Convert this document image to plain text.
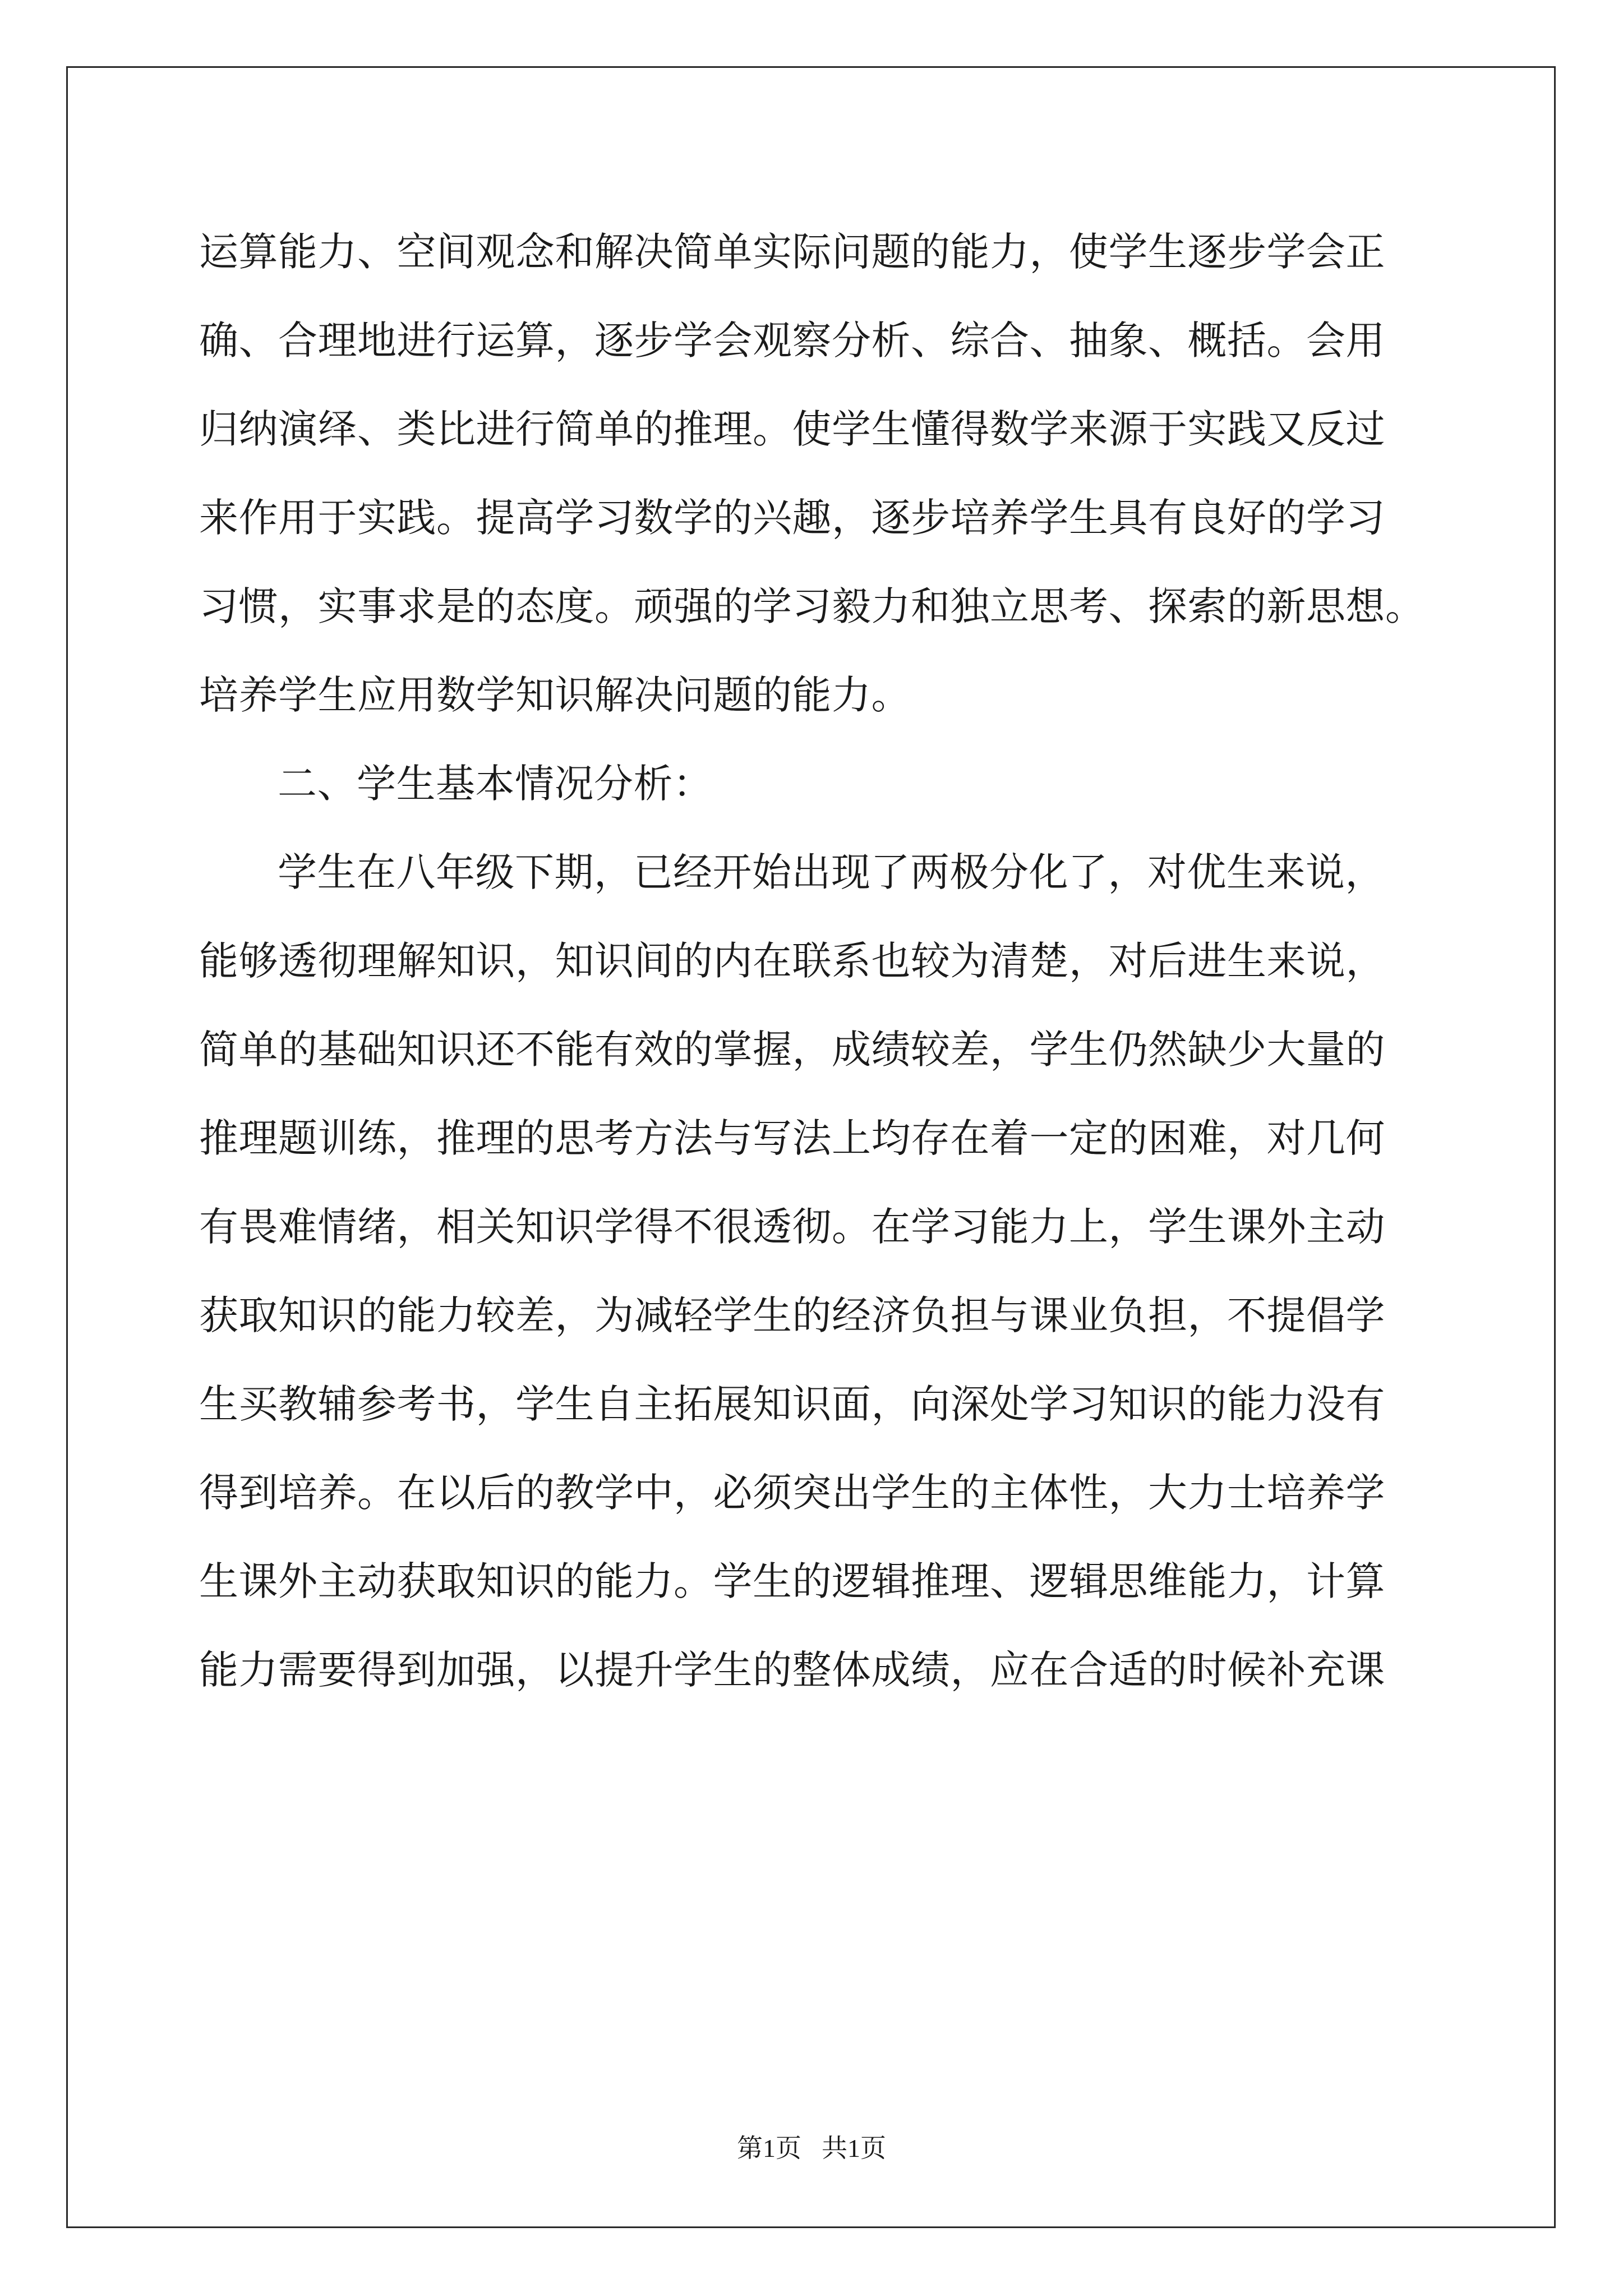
运算能力、空间观念和解决简单实际问题的能力，使学生逐步学会正
确、合理地进行运算，逐步学会观察分析、综合、抽象、概括。会用
归纳演绎、类比进行简单的推理。使学生懂得数学来源于实践又反过
来作用于实践。提高学习数学的兴趣，逐步培养学生具有良好的学习
习惯，实事求是的态度。顽强的学习毅力和独立思考、探索的新思想。
培养学生应用数学知识解决问题的能力。
二、学生基本情况分析：
学生在八年级下期，已经开始出现了两极分化了，对优生来说，
能够透彻理解知识，知识间的内在联系也较为清楚，对后进生来说，
简单的基础知识还不能有效的掌握，成绩较差，学生仍然缺少大量的
推理题训练，推理的思考方法与写法上均存在着一定的困难，对几何
有畏难情绪，相关知识学得不很透彻。在学习能力上，学生课外主动
获取知识的能力较差，为减轻学生的经济负担与课业负担，不提倡学
生买教辅参考书，学生自主拓展知识面，向深处学习知识的能力没有
得到培养。在以后的教学中，必须突出学生的主体性，大力士培养学
生课外主动获取知识的能力。学生的逻辑推理、逻辑思维能力，计算
能力需要得到加强，以提升学生的整体成绩，应在合适的时候补充课
第1页 共1页
